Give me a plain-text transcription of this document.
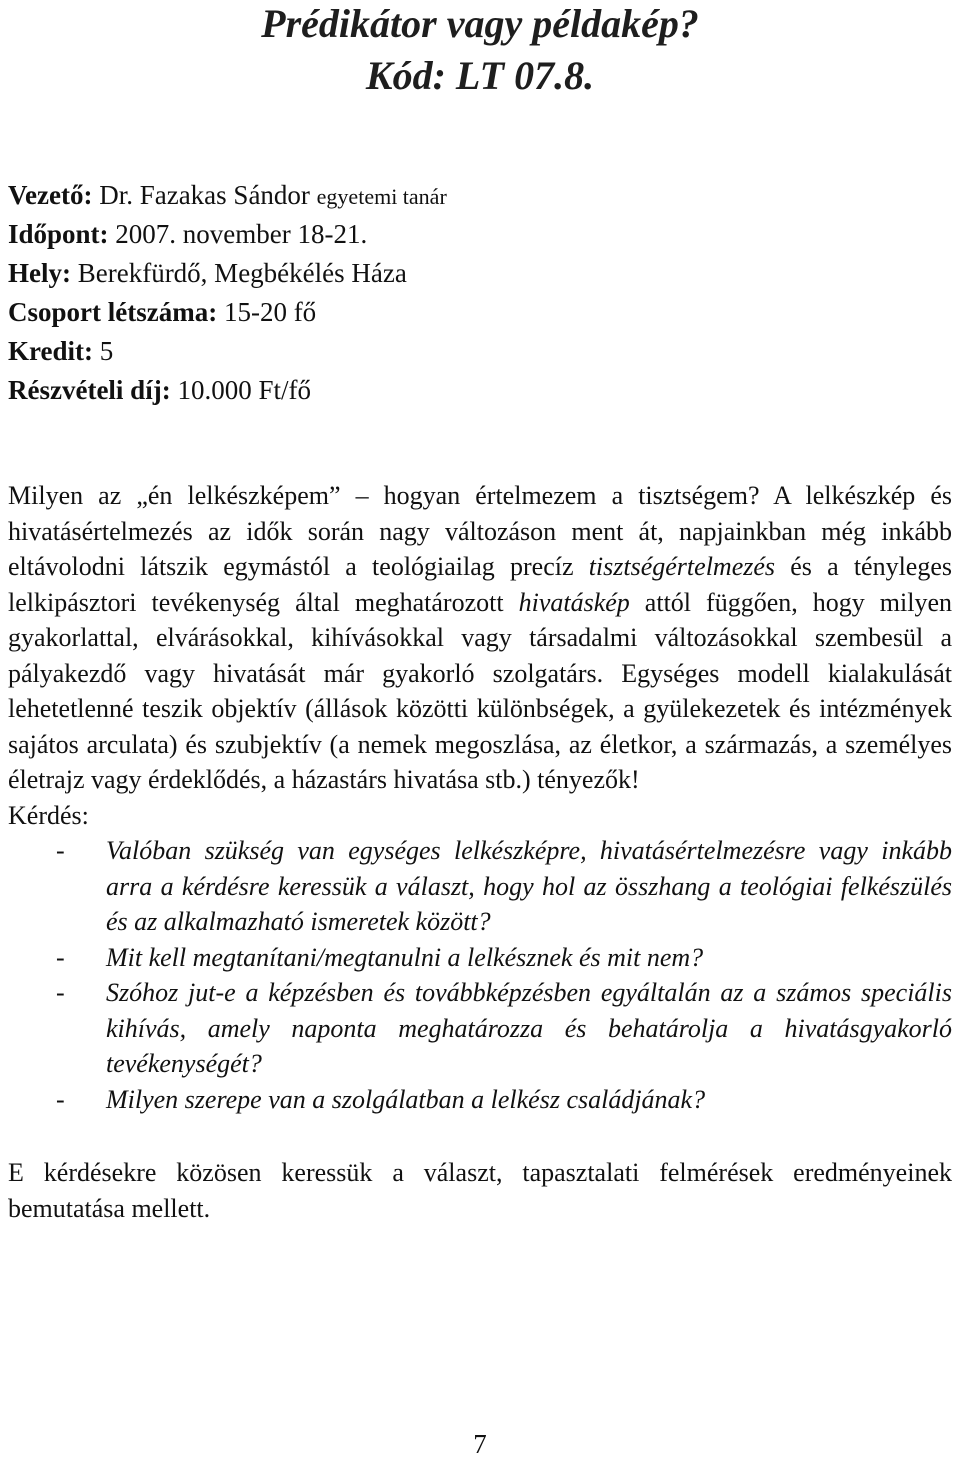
Prédikátor vagy példakép?
Kód: LT 07.8.
Vezető: Dr. Fazakas Sándor egyetemi tanár
Időpont: 2007. november 18-21.
Hely: Berekfürdő, Megbékélés Háza
Csoport létszáma: 15-20 fő
Kredit: 5
Részvételi díj: 10.000 Ft/fő

Milyen az „én lelkészképem” – hogyan értelmezem a tisztségem? A lelkészkép és hivatásértelmezés az idők során nagy változáson ment át, napjainkban még inkább eltávolodni látszik egymástól a teológiailag precíz tisztségértelmezés és a tényleges lelkipásztori tevékenység által meghatározott hivatáskép attól függően, hogy milyen gyakorlattal, elvárásokkal, kihívásokkal vagy társadalmi változásokkal szembesül a pályakezdő vagy hivatását már gyakorló szolgatárs. Egységes modell kialakulását lehetetlenné teszik objektív (állások közötti különbségek, a gyülekezetek és intézmények sajátos arculata) és szubjektív (a nemek megoszlása, az életkor, a származás, a személyes életrajz vagy érdeklődés, a házastárs hivatása stb.) tényezők!

Kérdés:

- Valóban szükség van egységes lelkészképre, hivatásértelmezésre vagy inkább arra a kérdésre keressük a választ, hogy hol az összhang a teológiai felkészülés és az alkalmazható ismeretek között?
- Mit kell megtanítani/megtanulni a lelkésznek és mit nem?
- Szóhoz jut-e a képzésben és továbbképzésben egyáltalán az a számos speciális kihívás, amely naponta meghatározza és behatárolja a hivatásgyakorló tevékenységét?
- Milyen szerepe van a szolgálatban a lelkész családjának?

E kérdésekre közösen keressük a választ, tapasztalati felmérések eredményeinek bemutatása mellett.

7
